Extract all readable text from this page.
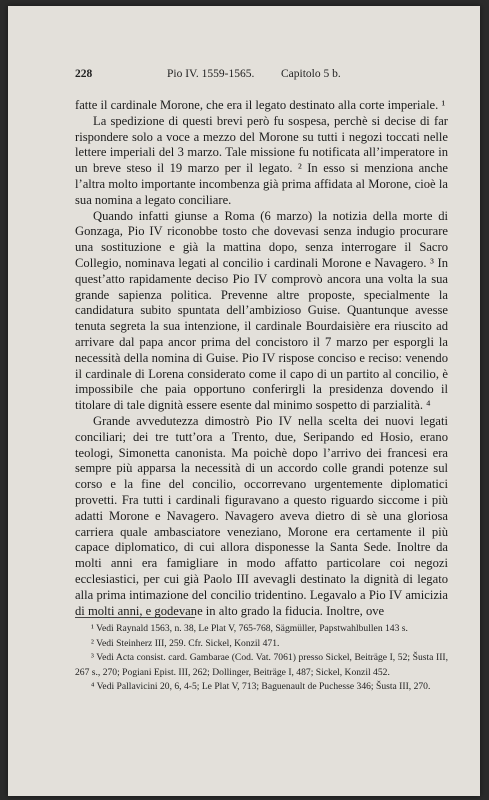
228	Pio IV. 1559-1565. Capitolo 5 b.

fatte il cardinale Morone, che era il legato destinato alla corte imperiale. ¹

La spedizione di questi brevi però fu sospesa, perchè si decise di far rispondere solo a voce a mezzo del Morone su tutti i negozi toccati nelle lettere imperiali del 3 marzo. Tale missione fu notificata all’imperatore in un breve steso il 19 marzo per il legato. ² In esso si menziona anche l’altra molto importante incombenza già prima affidata al Morone, cioè la sua nomina a legato conciliare.

Quando infatti giunse a Roma (6 marzo) la notizia della morte di Gonzaga, Pio IV riconobbe tosto che dovevasi senza indugio procurare una sostituzione e già la mattina dopo, senza interrogare il Sacro Collegio, nominava legati al concilio i cardinali Morone e Navagero. ³ In quest’atto rapidamente deciso Pio IV comprovò ancora una volta la sua grande sapienza politica. Prevenne altre proposte, specialmente la candidatura subito spuntata dell’ambizioso Guise. Quantunque avesse tenuta segreta la sua intenzione, il cardinale Bourdaisière era riuscito ad arrivare dal papa ancor prima del concistoro il 7 marzo per esporgli la necessità della nomina di Guise. Pio IV rispose conciso e reciso: venendo il cardinale di Lorena considerato come il capo di un partito al concilio, è impossibile che paia opportuno conferirgli la presidenza dovendo il titolare di tale dignità essere esente dal minimo sospetto di parzialità. ⁴

Grande avvedutezza dimostrò Pio IV nella scelta dei nuovi legati conciliari; dei tre tutt’ora a Trento, due, Seripando ed Hosio, erano teologi, Simonetta canonista. Ma poichè dopo l’arrivo dei francesi era sempre più apparsa la necessità di un accordo colle grandi potenze sul corso e la fine del concilio, occorrevano urgentemente diplomatici provetti. Fra tutti i cardinali figuravano a questo riguardo siccome i più adatti Morone e Navagero. Navagero aveva dietro di sè una gloriosa carriera quale ambasciatore veneziano, Morone era certamente il più capace diplomatico, di cui allora disponesse la Santa Sede. Inoltre da molti anni era famigliare in modo affatto particolare coi negozi ecclesiastici, per cui già Paolo III avevagli destinato la dignità di legato alla prima intimazione del concilio tridentino. Legavalo a Pio IV amicizia di molti anni, e godevane in alto grado la fiducia. Inoltre, ove

¹ Vedi Raynald 1563, n. 38, Le Plat V, 765-768, Sägmüller, Papstwahlbullen 143 s.

² Vedi Steinherz III, 259. Cfr. Sickel, Konzil 471.

³ Vedi Acta consist. card. Gambarae (Cod. Vat. 7061) presso Sickel, Beiträge I, 52; Šusta III, 267 s., 270; Pogiani Epist. III, 262; Dollinger, Beiträge I, 487; Sickel, Konzil 452.

⁴ Vedi Pallavicini 20, 6, 4-5; Le Plat V, 713; Baguenault de Puchesse 346; Šusta III, 270.
